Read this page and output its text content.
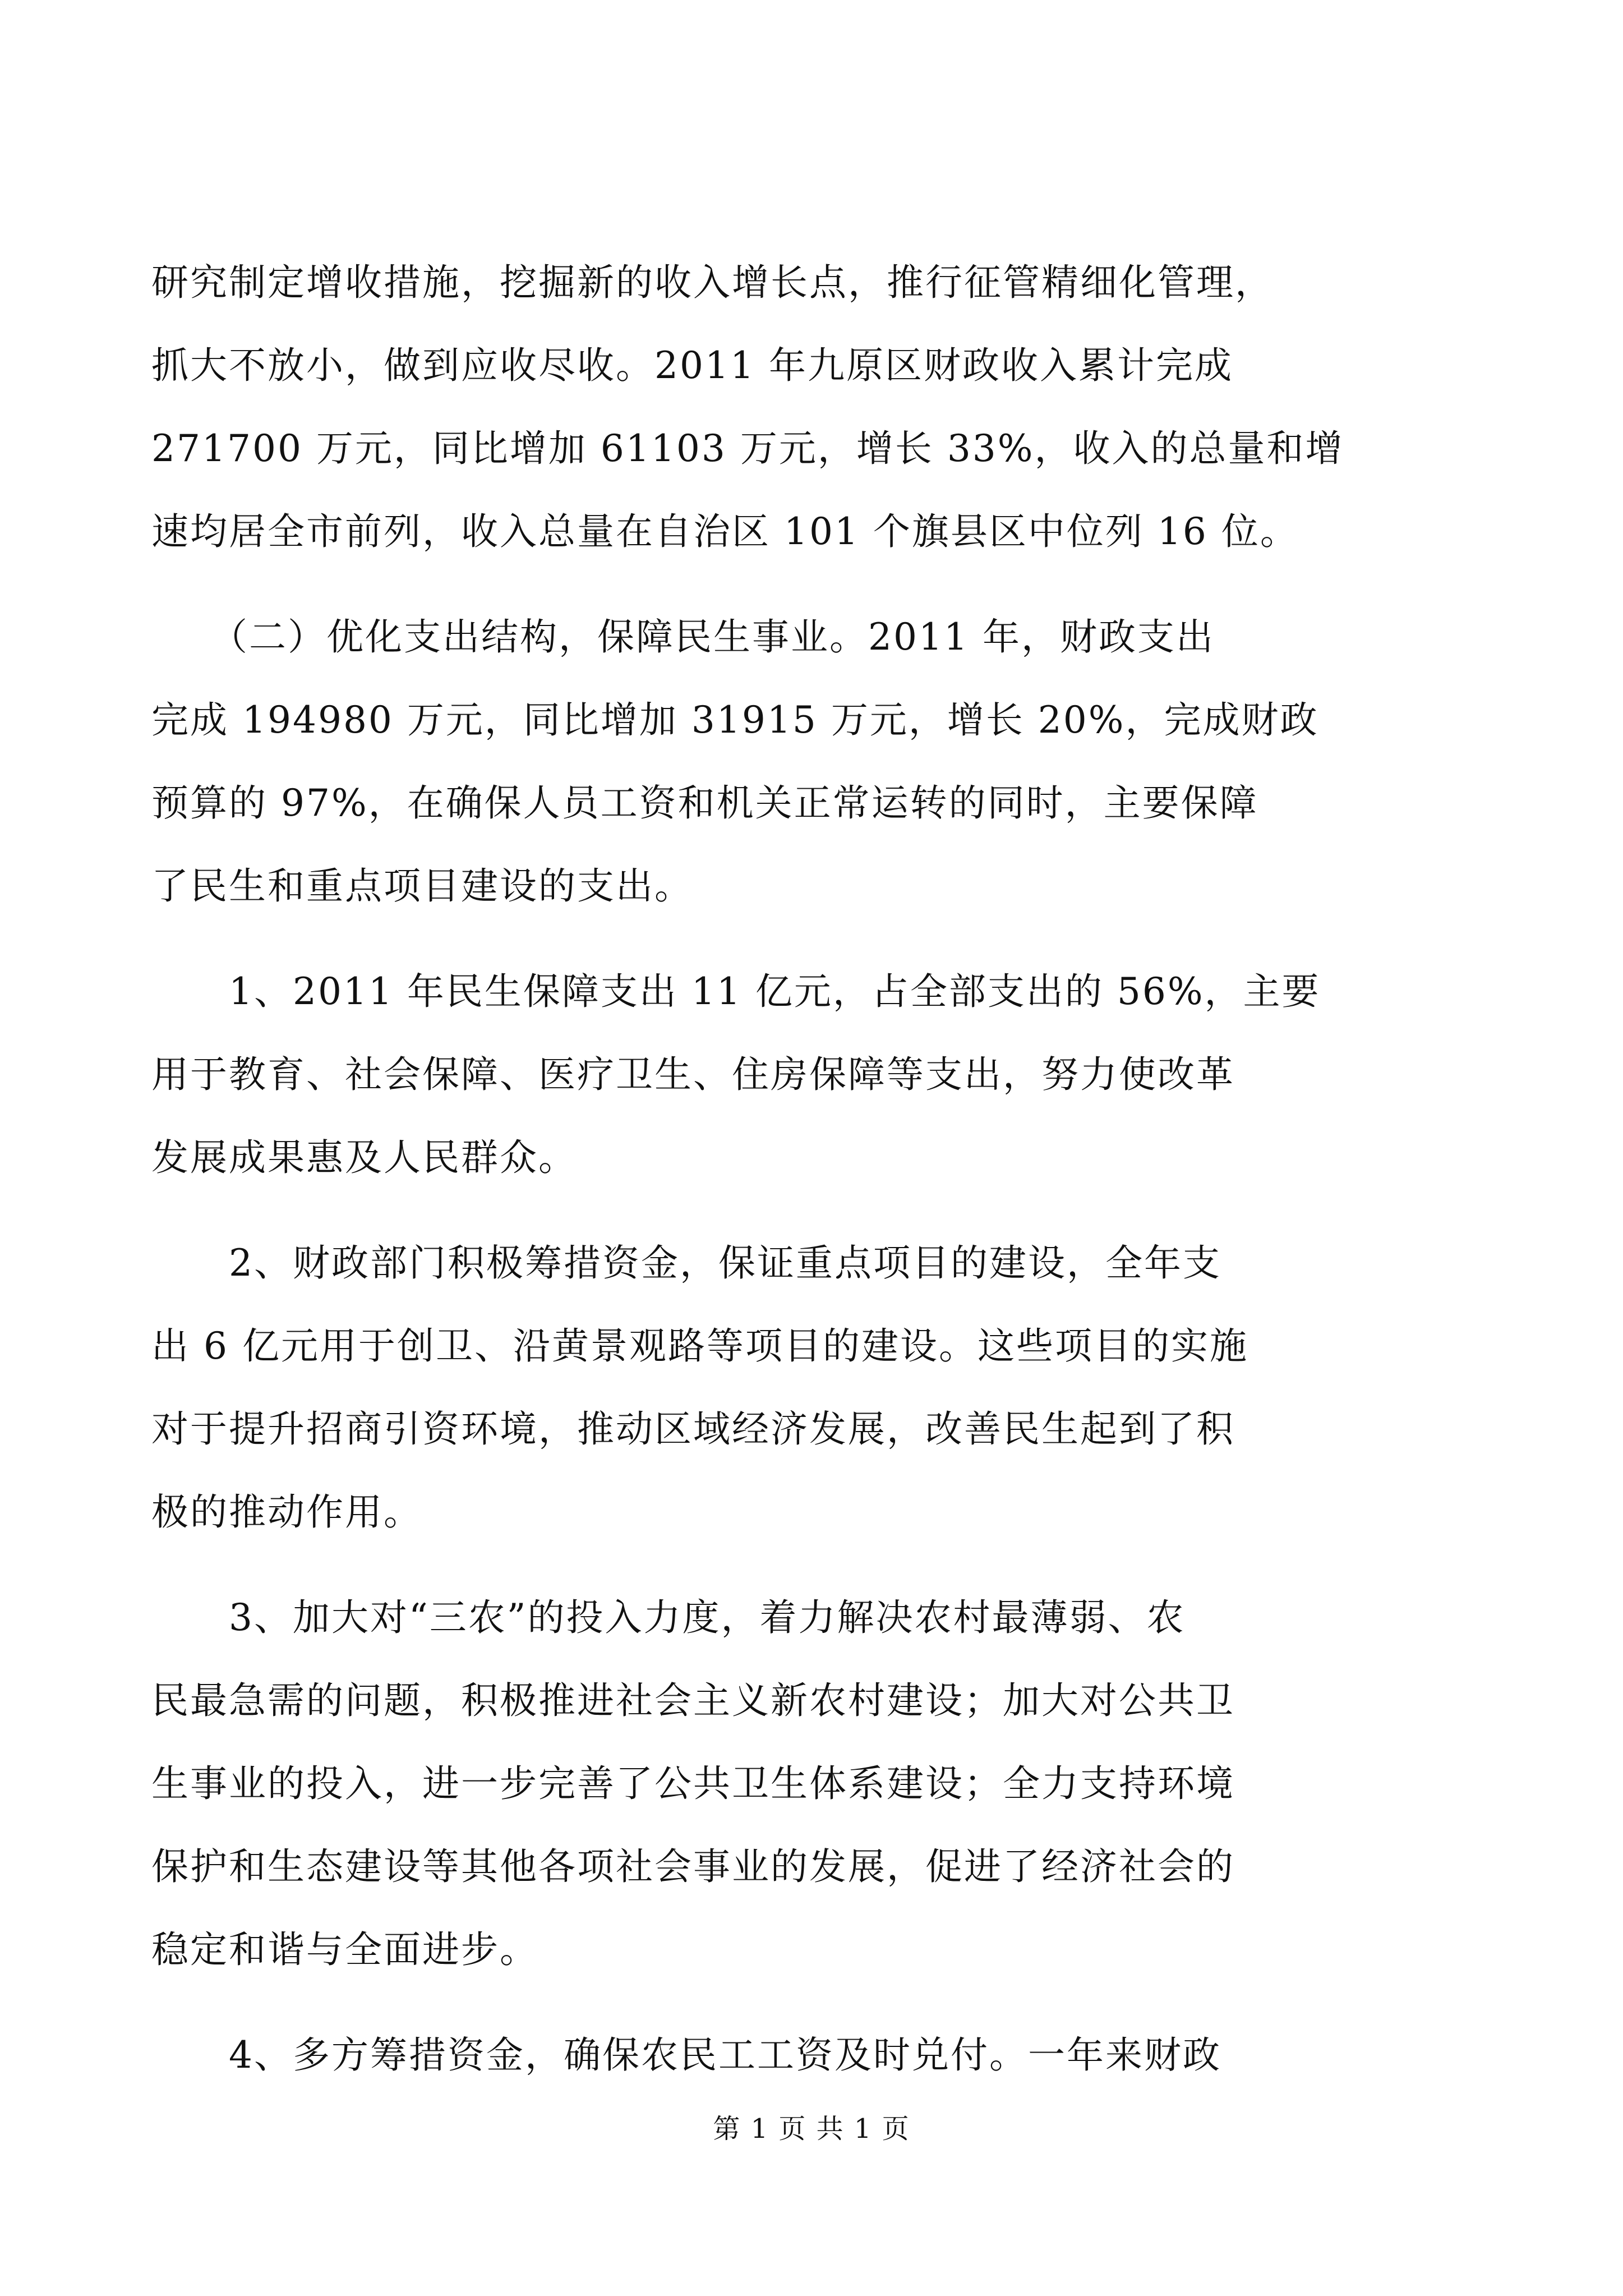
研究制定增收措施，挖掘新的收入增长点，推行征管精细化管理，
抓大不放小，做到应收尽收。2011 年九原区财政收入累计完成
271700 万元，同比增加 61103 万元，增长 33%，收入的总量和增
速均居全市前列，收入总量在自治区 101 个旗县区中位列 16 位。
　　（二）优化支出结构，保障民生事业。2011 年，财政支出
完成 194980 万元，同比增加 31915 万元，增长 20%，完成财政
预算的 97%，在确保人员工资和机关正常运转的同时，主要保障
了民生和重点项目建设的支出。
　　1、2011 年民生保障支出 11 亿元，占全部支出的 56%，主要
用于教育、社会保障、医疗卫生、住房保障等支出，努力使改革
发展成果惠及人民群众。
　　2、财政部门积极筹措资金，保证重点项目的建设，全年支
出 6 亿元用于创卫、沿黄景观路等项目的建设。这些项目的实施
对于提升招商引资环境，推动区域经济发展，改善民生起到了积
极的推动作用。
　　3、加大对“三农”的投入力度，着力解决农村最薄弱、农
民最急需的问题，积极推进社会主义新农村建设；加大对公共卫
生事业的投入，进一步完善了公共卫生体系建设；全力支持环境
保护和生态建设等其他各项社会事业的发展，促进了经济社会的
稳定和谐与全面进步。
　　4、多方筹措资金，确保农民工工资及时兑付。一年来财政
第 1 页 共 1 页
